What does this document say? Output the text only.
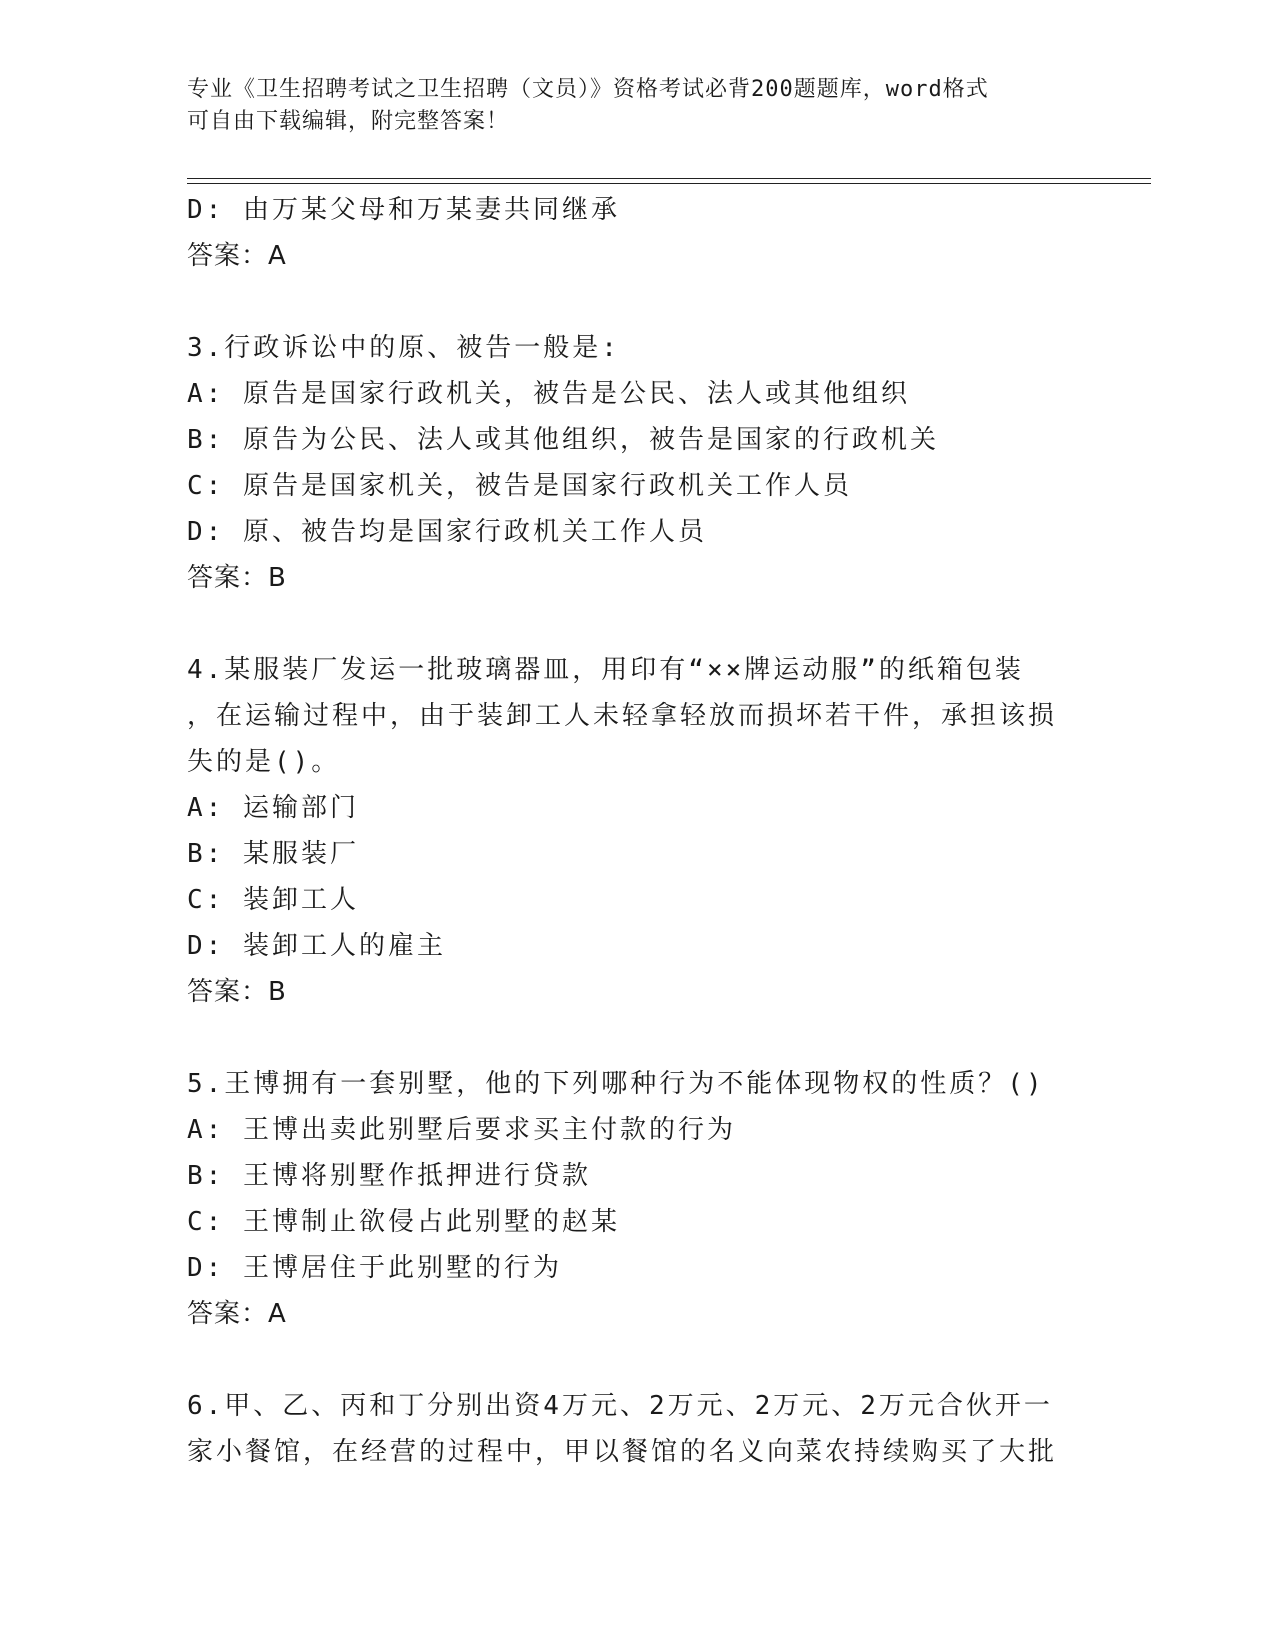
专业《卫生招聘考试之卫生招聘（文员）》资格考试必背200题题库，word格式
可自由下载编辑，附完整答案！
D: 由万某父母和万某妻共同继承
答案：A
3.行政诉讼中的原、被告一般是:
A: 原告是国家行政机关，被告是公民、法人或其他组织
B: 原告为公民、法人或其他组织，被告是国家的行政机关
C: 原告是国家机关，被告是国家行政机关工作人员
D: 原、被告均是国家行政机关工作人员
答案：B
4.某服装厂发运一批玻璃器皿，用印有“××牌运动服”的纸箱包装
，在运输过程中，由于装卸工人未轻拿轻放而损坏若干件，承担该损
失的是()。
A: 运输部门
B: 某服装厂
C: 装卸工人
D: 装卸工人的雇主
答案：B
5.王博拥有一套别墅，他的下列哪种行为不能体现物权的性质？()
A: 王博出卖此别墅后要求买主付款的行为
B: 王博将别墅作抵押进行贷款
C: 王博制止欲侵占此别墅的赵某
D: 王博居住于此别墅的行为
答案：A
6.甲、乙、丙和丁分别出资4万元、2万元、2万元、2万元合伙开一
家小餐馆，在经营的过程中，甲以餐馆的名义向菜农持续购买了大批
